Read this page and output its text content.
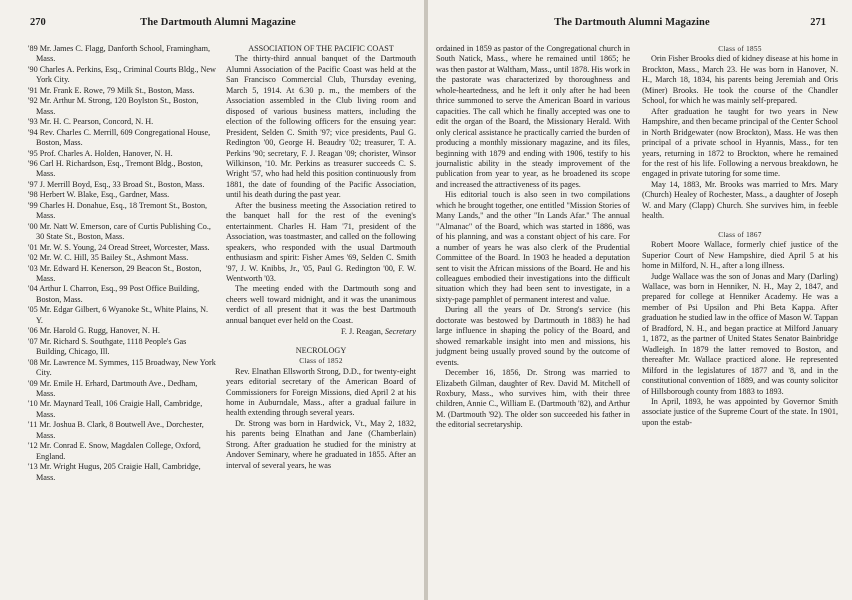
270	The Dartmouth Alumni Magazine

'89 Mr. James C. Flagg, Danforth School, Framingham, Mass.

'90 Charles A. Perkins, Esq., Criminal Courts Bldg., New York City.

'91 Mr. Frank E. Rowe, 79 Milk St., Boston, Mass.

'92 Mr. Arthur M. Strong, 120 Boylston St., Boston, Mass.

'93 Mr. H. C. Pearson, Concord, N. H.

'94 Rev. Charles C. Merrill, 609 Congregational House, Boston, Mass.

'95 Prof. Charles A. Holden, Hanover, N. H.

'96 Carl H. Richardson, Esq., Tremont Bldg., Boston, Mass.

'97 J. Merrill Boyd, Esq., 33 Broad St., Boston, Mass.

'98 Herbert W. Blake, Esq., Gardner, Mass.

'99 Charles H. Donahue, Esq., 18 Tremont St., Boston, Mass.

'00 Mr. Natt W. Emerson, care of Curtis Publishing Co., 30 State St., Boston, Mass.

'01 Mr. W. S. Young, 24 Oread Street, Worcester, Mass.

'02 Mr. W. C. Hill, 35 Bailey St., Ashmont Mass.

'03 Mr. Edward H. Kenerson, 29 Beacon St., Boston, Mass.

'04 Arthur I. Charron, Esq., 99 Post Office Building, Boston, Mass.

'05 Mr. Edgar Gilbert, 6 Wyanoke St., White Plains, N. Y.

'06 Mr. Harold G. Rugg, Hanover, N. H.

'07 Mr. Richard S. Southgate, 1118 People's Gas Building, Chicago, Ill.

'08 Mr. Lawrence M. Symmes, 115 Broadway, New York City.

'09 Mr. Emile H. Erhard, Dartmouth Ave., Dedham, Mass.

'10 Mr. Maynard Teall, 106 Craigie Hall, Cambridge, Mass.

'11 Mr. Joshua B. Clark, 8 Boutwell Ave., Dorchester, Mass.

'12 Mr. Conrad E. Snow, Magdalen College, Oxford, England.

'13 Mr. Wright Hugus, 205 Craigie Hall, Cambridge, Mass.

ASSOCIATION OF THE PACIFIC COAST

The thirty-third annual banquet of the Dartmouth Alumni Association of the Pacific Coast was held at the San Francisco Commercial Club, Thursday evening, March 5, 1914. At 6.30 p. m., the members of the Association assembled in the Club living room and disposed of various business matters, including the election of the following officers for the ensuing year: President, Selden C. Smith '97; vice presidents, Paul G. Redington '00, George H. Beaudry '02; treasurer, T. A. Perkins '90; secretary, F. J. Reagan '09; chorister, Winsor Wilkinson, '10. Mr. Perkins as treasurer succeeds C. S. Wright '57, who had held this position continuously from 1881, the date of founding of the Pacific Association, until his death during the past year.

After the business meeting the Association retired to the banquet hall for the rest of the evening's entertainment. Charles H. Ham '71, president of the Association, was toastmaster, and called on the following speakers, who responded with the usual Dartmouth enthusiasm and spirit: Fisher Ames '69, Selden C. Smith '97, J. W. Knibbs, Jr., '05, Paul G. Redington '00, F. W. Wentworth '03.

The meeting ended with the Dartmouth song and cheers well toward midnight, and it was the unanimous verdict of all present that it was the best Dartmouth annual banquet ever held on the Coast.

F. J. Reagan, Secretary

NECROLOGY

Class of 1852

Rev. Elnathan Ellsworth Strong, D.D., for twenty-eight years editorial secretary of the American Board of Commissioners for Foreign Missions, died April 2 at his home in Auburndale, Mass., after a gradual failure in health extending through several years.

Dr. Strong was born in Hardwick, Vt., May 2, 1832, his parents being Elnathan and Jane (Chamberlain) Strong. After graduation he studied for the ministry at Andover Seminary, where he graduated in 1855. After an interval of several years, he was

The Dartmouth Alumni Magazine	271

ordained in 1859 as pastor of the Congregational church in South Natick, Mass., where he remained until 1865; he was then pastor at Waltham, Mass., until 1878. His work in the pastorate was characterized by thoroughness and whole-heartedness, and he left it only after he had been thrice summoned to serve the American Board in various capacities. The call which he finally accepted was one to edit the organ of the Board, the Missionary Herald. With only clerical assistance he practically carried the burden of producing a monthly missionary magazine, and its files, beginning with 1879 and ending with 1906, testify to his journalistic ability in the steady improvement of the publication from year to year, as he broadened its scope and increased the attractiveness of its pages.

His editorial touch is also seen in two compilations which he brought together, one entitled "Mission Stories of Many Lands," and the other "In Lands Afar." The annual "Almanac" of the Board, which was started in 1886, was of his planning, and was a constant object of his care. For a number of years he was also clerk of the Prudential Committee of the Board. In 1903 he headed a deputation sent to visit the African missions of the Board. He and his colleagues embodied their investigations into the difficult situation which they had been sent to investigate, in a sixty-page pamphlet of permanent interest and value.

During all the years of Dr. Strong's service (his doctorate was bestowed by Dartmouth in 1883) he had large influence in shaping the policy of the Board, and showed remarkable insight into men and missions, his judgment being usually proved sound by the outcome of events.

December 16, 1856, Dr. Strong was married to Elizabeth Gilman, daughter of Rev. David M. Mitchell of Roxbury, Mass., who survives him, with their three children, Annie C., William E. (Dartmouth '82), and Arthur M. (Dartmouth '92). The older son succeeded his father in the editorial secretaryship.

Class of 1855

Orin Fisher Brooks died of kidney disease at his home in Brockton, Mass., March 23. He was born in Hanover, N. H., March 18, 1834, his parents being Jeremiah and Oris (Miner) Brooks. He took the course of the Chandler School, for which he was mainly self-prepared.

After graduation he taught for two years in New Hampshire, and then became principal of the Center School in North Bridgewater (now Brockton), Mass. He was then principal of a private school in Hyannis, Mass., for ten years, returning in 1872 to Brockton, where he remained for the rest of his life. Following a nervous breakdown, he engaged in private tutoring for some time.

May 14, 1883, Mr. Brooks was married to Mrs. Mary (Church) Healey of Rochester, Mass., a daughter of Joseph W. and Mary (Clapp) Church. She survives him, in feeble health.

Class of 1867

Robert Moore Wallace, formerly chief justice of the Superior Court of New Hampshire, died April 5 at his home in Milford, N. H., after a long illness.

Judge Wallace was the son of Jonas and Mary (Darling) Wallace, was born in Henniker, N. H., May 2, 1847, and prepared for college at Henniker Academy. He was a member of Psi Upsilon and Phi Beta Kappa. After graduation he studied law in the office of Mason W. Tappan of Bradford, N. H., and began practice at Milford January 1, 1872, as the partner of United States Senator Bainbridge Wadleigh. In 1879 the latter removed to Boston, and thereafter Mr. Wallace practiced alone. He represented Milford in the legislatures of 1877 and '8, and in the constitutional convention of 1889, and was county solicitor of Hillsborough county from 1883 to 1893.

In April, 1893, he was appointed by Governor Smith associate justice of the Supreme Court of the state. In 1901, upon the estab-
